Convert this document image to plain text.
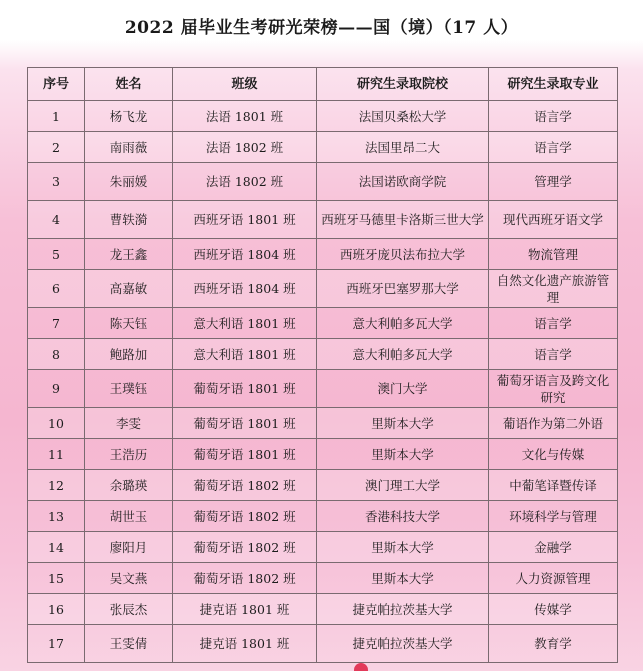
2022 届毕业生考研光荣榜——国（境）（17 人）
序号	姓名	班级	研究生录取院校	研究生录取专业
1	杨飞龙	法语 1801 班	法国贝桑松大学	语言学
2	南雨薇	法语 1802 班	法国里昂二大	语言学
3	朱丽媛	法语 1802 班	法国诺欧商学院	管理学
4	曹轶漪	西班牙语 1801 班	西班牙马德里卡洛斯三世大学	现代西班牙语文学
5	龙王鑫	西班牙语 1804 班	西班牙庞贝法布拉大学	物流管理
6	高嘉敏	西班牙语 1804 班	西班牙巴塞罗那大学	自然文化遗产旅游管理
7	陈天钰	意大利语 1801 班	意大利帕多瓦大学	语言学
8	鲍路加	意大利语 1801 班	意大利帕多瓦大学	语言学
9	王璞钰	葡萄牙语 1801 班	澳门大学	葡萄牙语言及跨文化研究
10	李雯	葡萄牙语 1801 班	里斯本大学	葡语作为第二外语
11	王浩历	葡萄牙语 1801 班	里斯本大学	文化与传媒
12	余璐瑛	葡萄牙语 1802 班	澳门理工大学	中葡笔译暨传译
13	胡世玉	葡萄牙语 1802 班	香港科技大学	环境科学与管理
14	廖阳月	葡萄牙语 1802 班	里斯本大学	金融学
15	吴文燕	葡萄牙语 1802 班	里斯本大学	人力资源管理
16	张辰杰	捷克语 1801 班	捷克帕拉茨基大学	传媒学
17	王雯倩	捷克语 1801 班	捷克帕拉茨基大学	教育学
